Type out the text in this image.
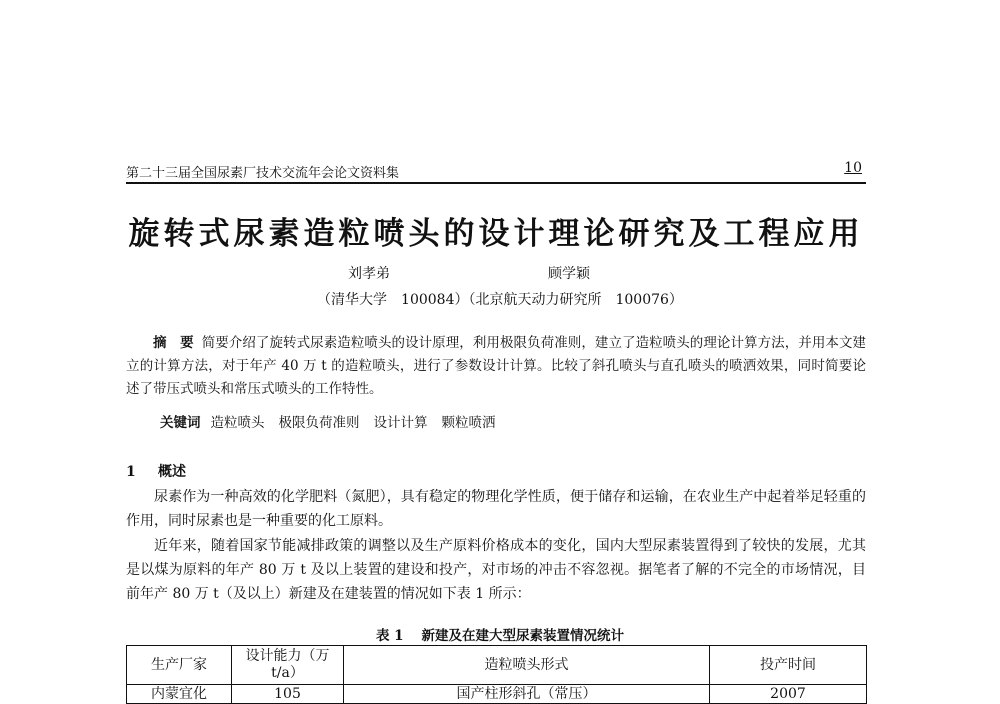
第二十三届全国尿素厂技术交流年会论文资料集	10
旋转式尿素造粒喷头的设计理论研究及工程应用
刘孝弟	顾学颖
（清华大学　100084）（北京航天动力研究所　100076）
摘　要 简要介绍了旋转式尿素造粒喷头的设计原理，利用极限负荷准则，建立了造粒喷头的理论计算方法，并用本文建立的计算方法，对于年产 40 万 t 的造粒喷头，进行了参数设计计算。比较了斜孔喷头与直孔喷头的喷洒效果，同时简要论述了带压式喷头和常压式喷头的工作特性。
关键词 造粒喷头 极限负荷准则 设计计算 颗粒喷洒
1 概述
尿素作为一种高效的化学肥料（氮肥），具有稳定的物理化学性质，便于储存和运输，在农业生产中起着举足轻重的作用，同时尿素也是一种重要的化工原料。
近年来，随着国家节能减排政策的调整以及生产原料价格成本的变化，国内大型尿素装置得到了较快的发展，尤其是以煤为原料的年产 80 万 t 及以上装置的建设和投产，对市场的冲击不容忽视。据笔者了解的不完全的市场情况，目前年产 80 万 t（及以上）新建及在建装置的情况如下表 1 所示：
表 1 新建及在建大型尿素装置情况统计
生产厂家	设计能力（万 t/a）	造粒喷头形式	投产时间
内蒙宜化	105	国产柱形斜孔（常压）	2007
